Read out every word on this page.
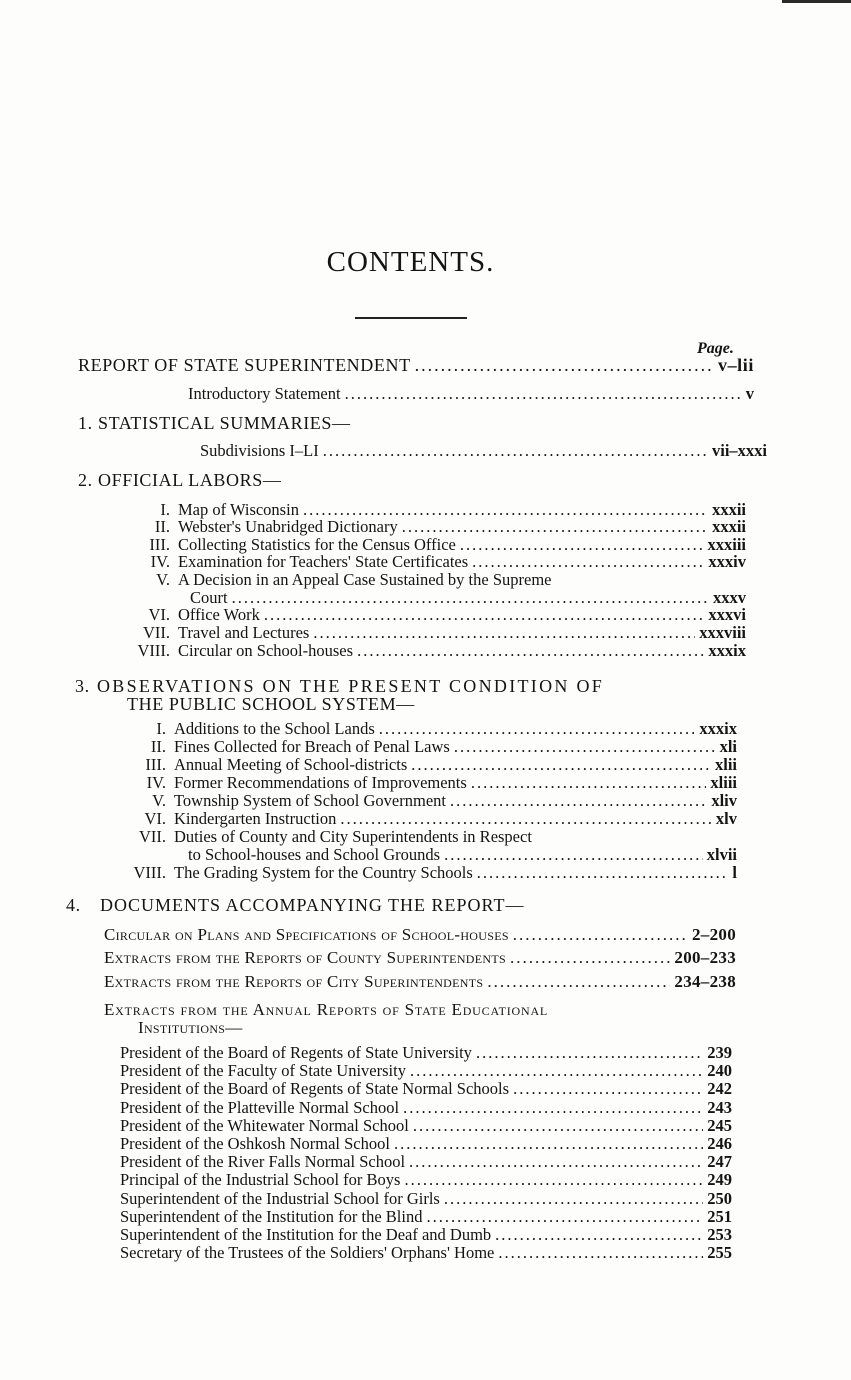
CONTENTS.
Page.
REPORT OF STATE SUPERINTENDENT .....	v–lii
Introductory Statement .....	v
1. STATISTICAL SUMMARIES—
Subdivisions I–LI .....	vii–xxxi
2. OFFICIAL LABORS—
I. Map of Wisconsin .....	xxxii
II. Webster's Unabridged Dictionary .....	xxxii
III. Collecting Statistics for the Census Office .....	xxxiii
IV. Examination for Teachers' State Certificates .....	xxxiv
V. A Decision in an Appeal Case Sustained by the Supreme
Court .....	xxxv
VI. Office Work .....	xxxvi
VII. Travel and Lectures .....	xxxviii
VIII. Circular on School-houses .....	xxxix
3. OBSERVATIONS ON THE PRESENT CONDITION OF
THE PUBLIC SCHOOL SYSTEM—
I. Additions to the School Lands .....	xxxix
II. Fines Collected for Breach of Penal Laws .....	xli
III. Annual Meeting of School-districts .....	xlii
IV. Former Recommendations of Improvements .....	xliii
V. Township System of School Government .....	xliv
VI. Kindergarten Instruction .....	xlv
VII. Duties of County and City Superintendents in Respect
to School-houses and School Grounds .....	xlvii
VIII. The Grading System for the Country Schools .....	l
4.	DOCUMENTS ACCOMPANYING THE REPORT—
Circular on Plans and Specifications of School-houses .....	2–200
Extracts from the Reports of County Superintendents .....	200–233
Extracts from the Reports of City Superintendents .....	234–238
Extracts from the Annual Reports of State Educational
Institutions—
President of the Board of Regents of State University .....	239
President of the Faculty of State University .....	240
President of the Board of Regents of State Normal Schools .....	242
President of the Platteville Normal School .....	243
President of the Whitewater Normal School .....	245
President of the Oshkosh Normal School .....	246
President of the River Falls Normal School .....	247
Principal of the Industrial School for Boys .....	249
Superintendent of the Industrial School for Girls .....	250
Superintendent of the Institution for the Blind .....	251
Superintendent of the Institution for the Deaf and Dumb .....	253
Secretary of the Trustees of the Soldiers' Orphans' Home .....	255
